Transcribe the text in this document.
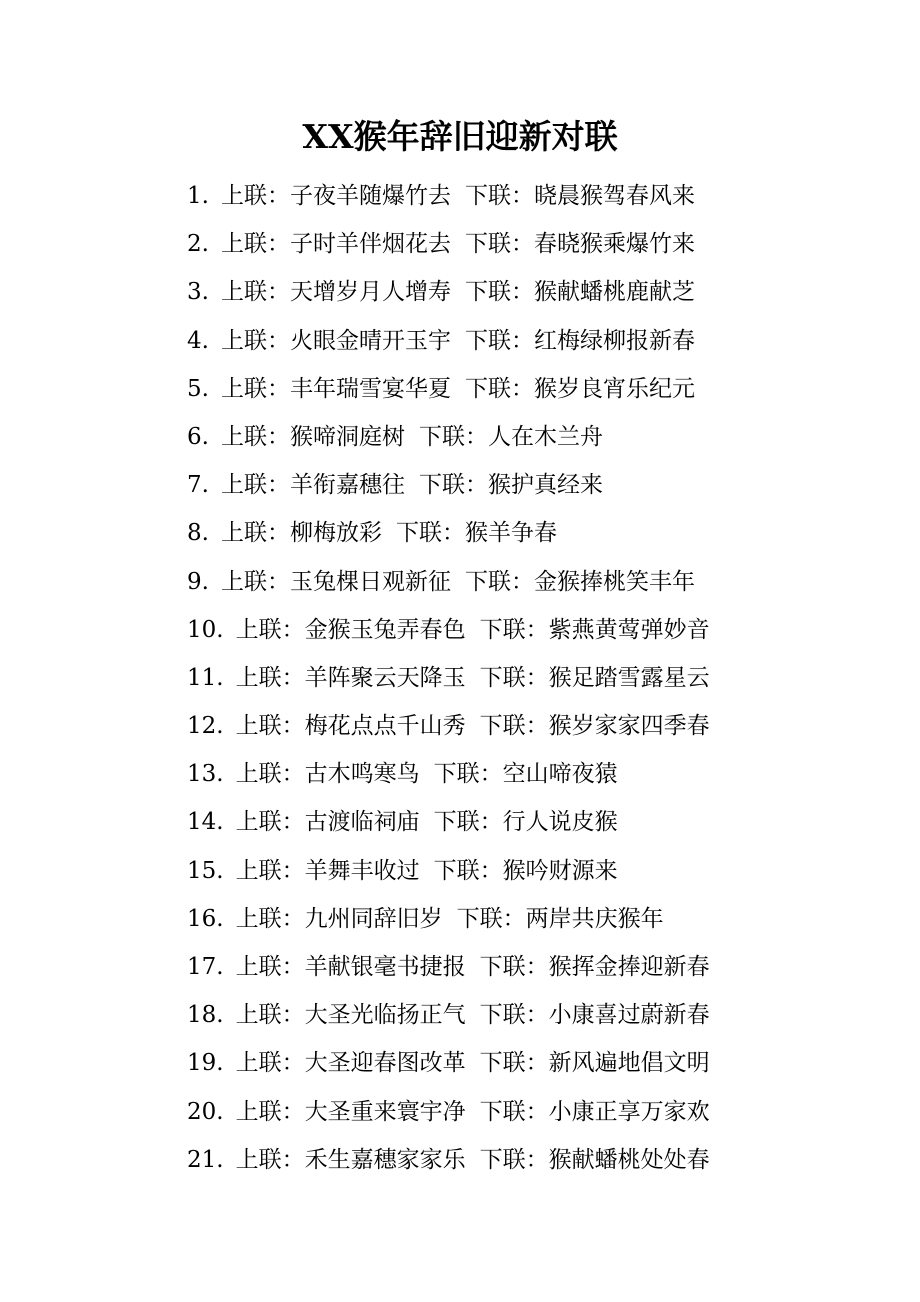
XX猴年辞旧迎新对联
1. 上联：子夜羊随爆竹去 下联：晓晨猴驾春风来
2. 上联：子时羊伴烟花去 下联：春晓猴乘爆竹来
3. 上联：天增岁月人增寿 下联：猴献蟠桃鹿献芝
4. 上联：火眼金晴开玉宇 下联：红梅绿柳报新春
5. 上联：丰年瑞雪宴华夏 下联：猴岁良宵乐纪元
6. 上联：猴啼洞庭树 下联：人在木兰舟
7. 上联：羊衔嘉穗往 下联：猴护真经来
8. 上联：柳梅放彩 下联：猴羊争春
9. 上联：玉兔棵日观新征 下联：金猴捧桃笑丰年
10. 上联：金猴玉兔弄春色 下联：紫燕黄莺弹妙音
11. 上联：羊阵聚云天降玉 下联：猴足踏雪露星云
12. 上联：梅花点点千山秀 下联：猴岁家家四季春
13. 上联：古木鸣寒鸟 下联：空山啼夜猿
14. 上联：古渡临祠庙 下联：行人说皮猴
15. 上联：羊舞丰收过 下联：猴吟财源来
16. 上联：九州同辞旧岁 下联：两岸共庆猴年
17. 上联：羊献银毫书捷报 下联：猴挥金捧迎新春
18. 上联：大圣光临扬正气 下联：小康喜过蔚新春
19. 上联：大圣迎春图改革 下联：新风遍地倡文明
20. 上联：大圣重来寰宇净 下联：小康正享万家欢
21. 上联：禾生嘉穗家家乐 下联：猴献蟠桃处处春
